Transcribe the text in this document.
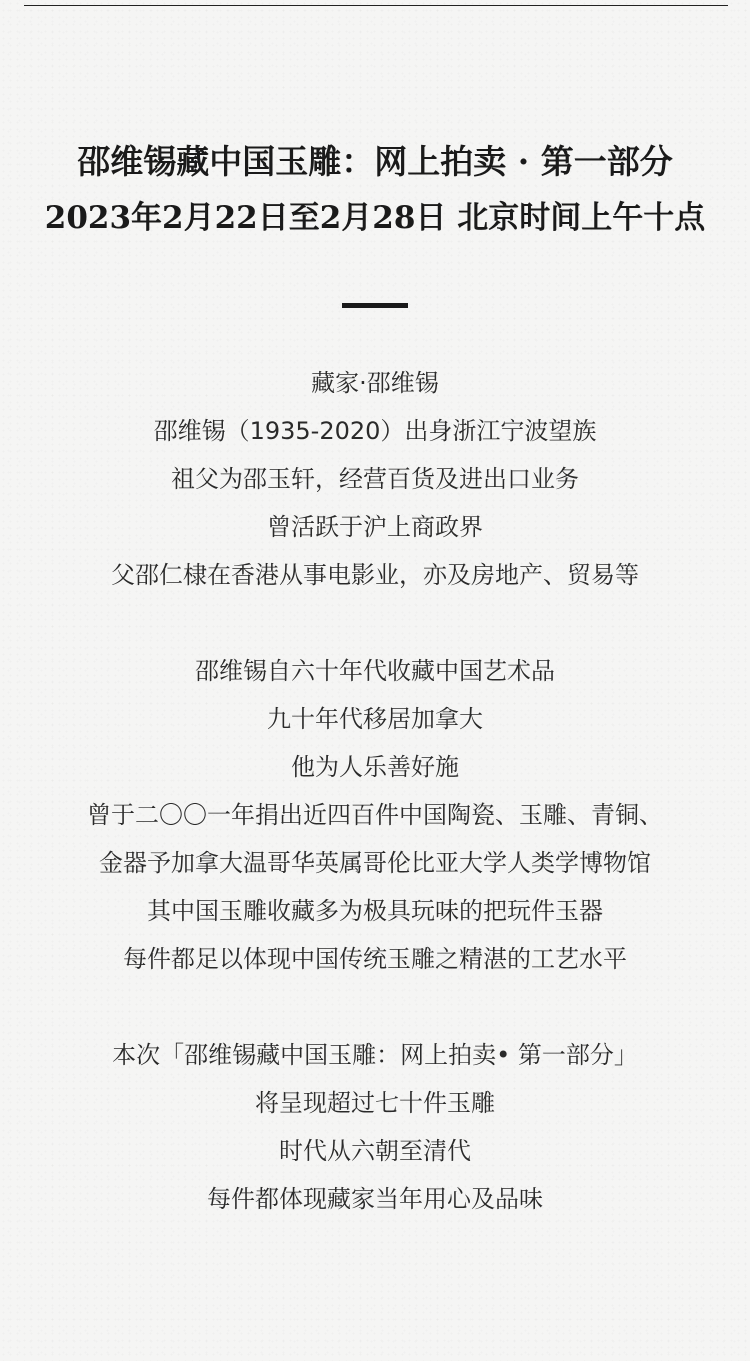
邵维锡藏中国玉雕：网上拍卖 · 第一部分
2023年2月22日至2月28日 北京时间上午十点
藏家·邵维锡
邵维锡（1935-2020）出身浙江宁波望族
祖父为邵玉轩，经营百货及进出口业务
曾活跃于沪上商政界
父邵仁棣在香港从事电影业，亦及房地产、贸易等
邵维锡自六十年代收藏中国艺术品
九十年代移居加拿大
他为人乐善好施
曾于二〇〇一年捐出近四百件中国陶瓷、玉雕、青铜、
金器予加拿大温哥华英属哥伦比亚大学人类学博物馆
其中国玉雕收藏多为极具玩味的把玩件玉器
每件都足以体现中国传统玉雕之精湛的工艺水平
本次「邵维锡藏中国玉雕：网上拍卖• 第一部分」
将呈现超过七十件玉雕
时代从六朝至清代
每件都体现藏家当年用心及品味
